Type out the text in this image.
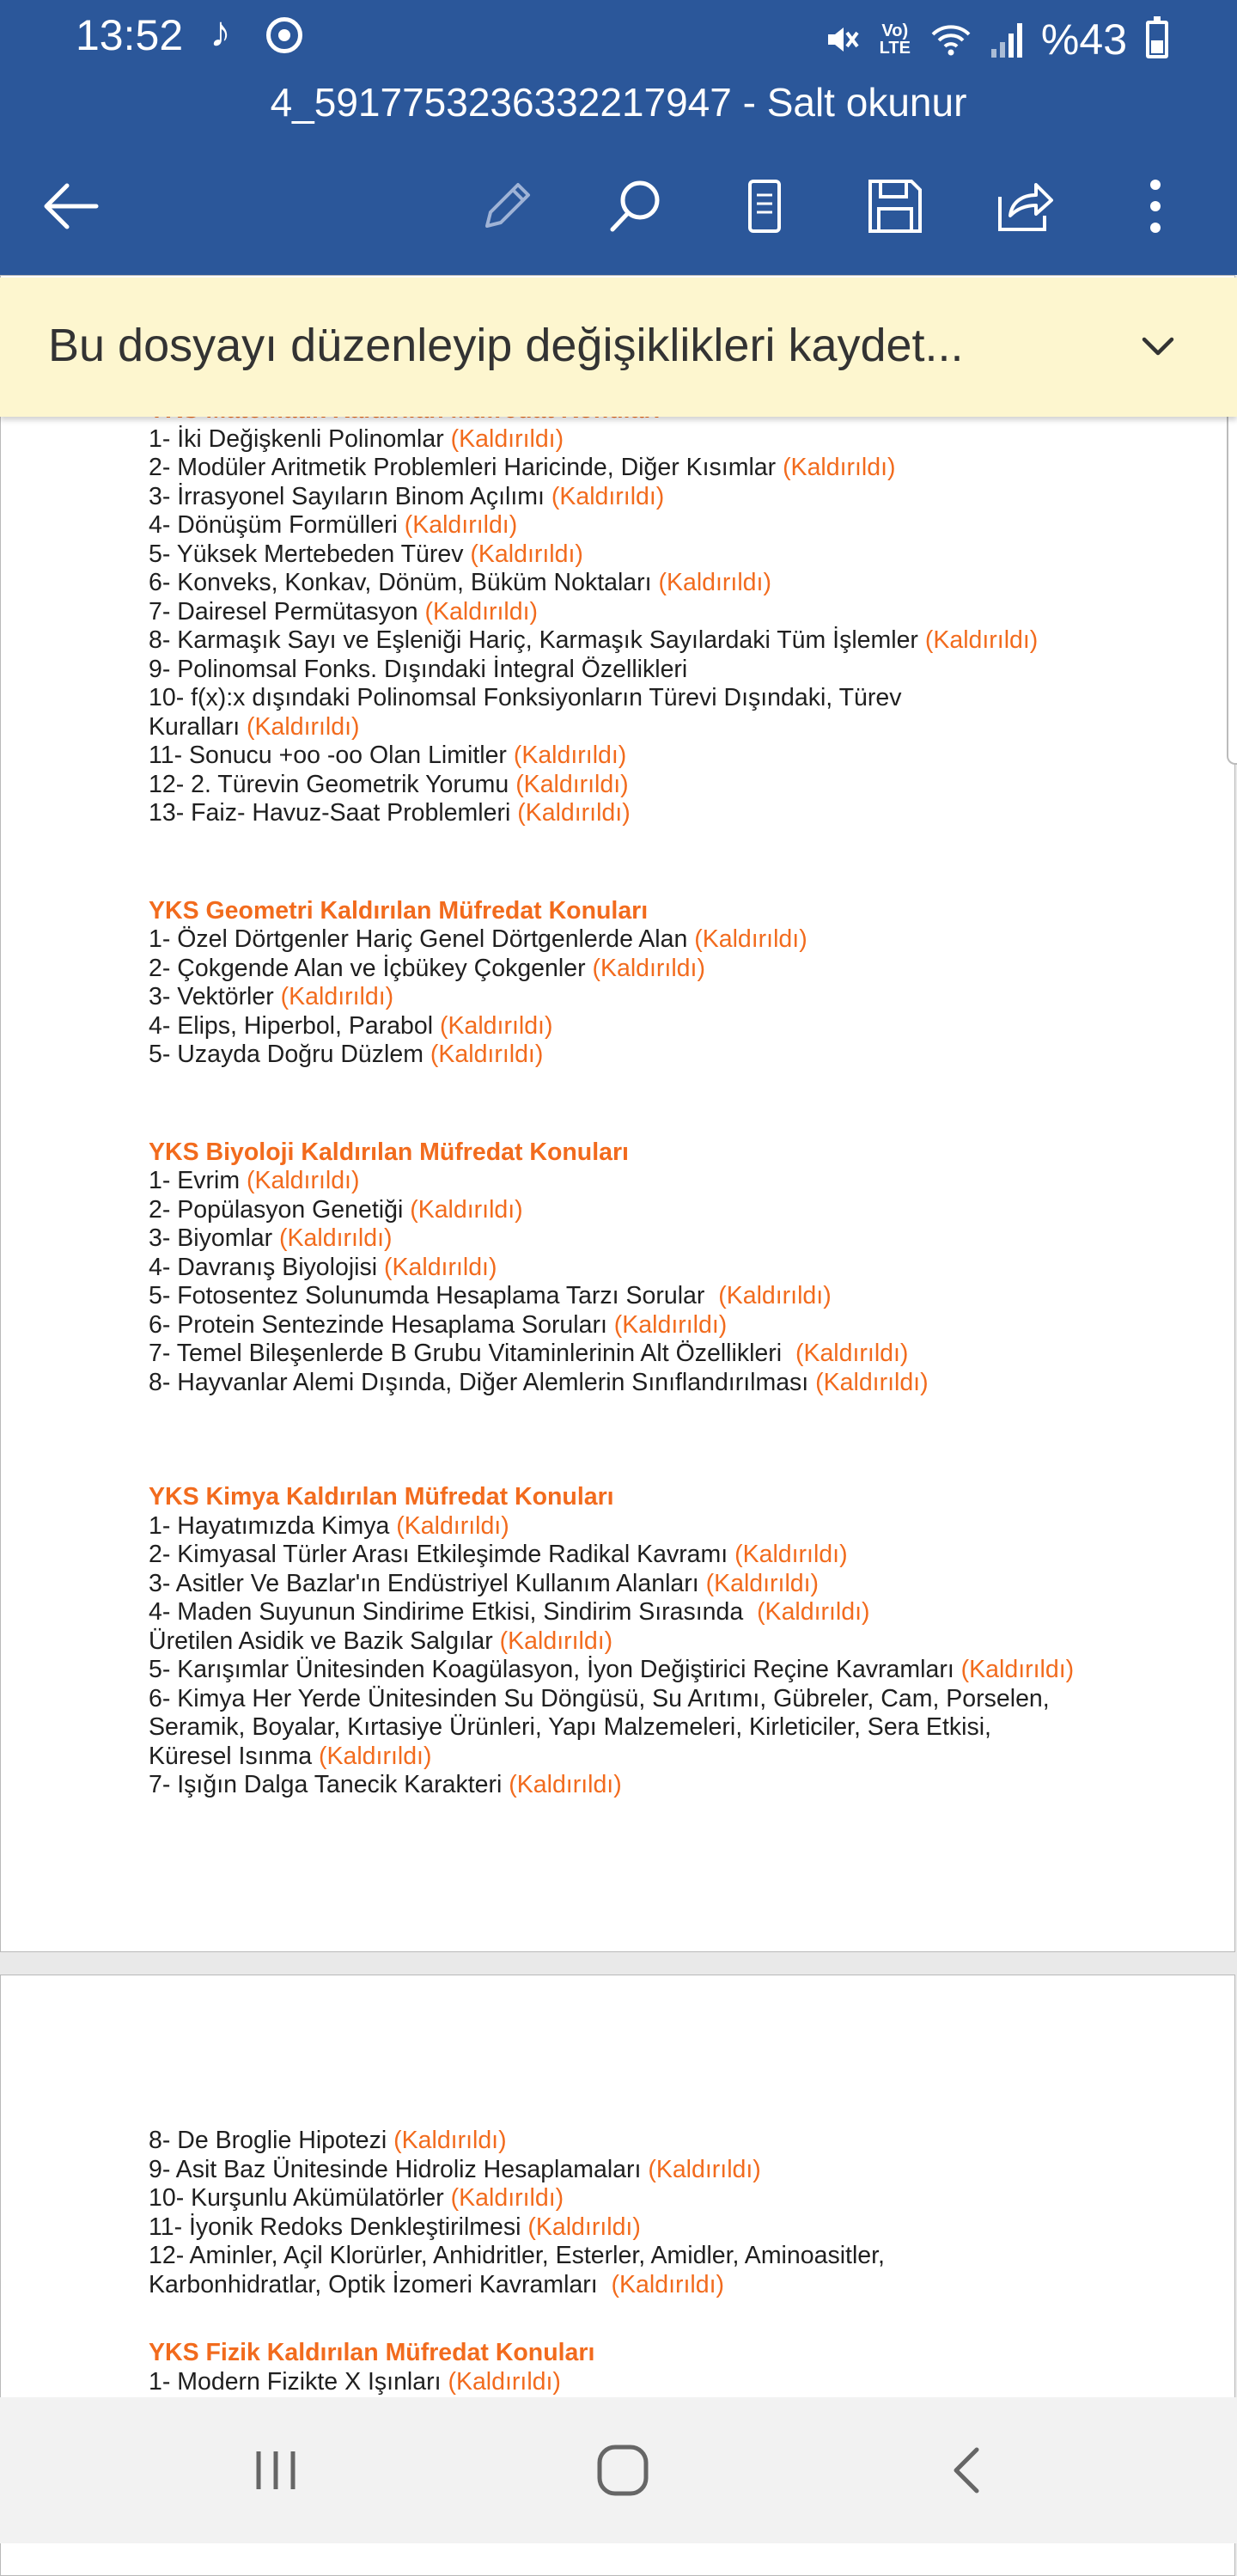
13:52 ♪	Vo)
LTE	%43
4_5917753236332217947 - Salt okunur
1- İki Değişkenli Polinomlar (Kaldırıldı)
2- Modüler Aritmetik Problemleri Haricinde, Diğer Kısımlar (Kaldırıldı)
3- İrrasyonel Sayıların Binom Açılımı (Kaldırıldı)
4- Dönüşüm Formülleri (Kaldırıldı)
5- Yüksek Mertebeden Türev (Kaldırıldı)
6- Konveks, Konkav, Dönüm, Büküm Noktaları (Kaldırıldı)
7- Dairesel Permütasyon (Kaldırıldı)
8- Karmaşık Sayı ve Eşleniği Hariç, Karmaşık Sayılardaki Tüm İşlemler (Kaldırıldı)
9- Polinomsal Fonks. Dışındaki İntegral Özellikleri
10- f(x):x dışındaki Polinomsal Fonksiyonların Türevi Dışındaki, Türev Kuralları (Kaldırıldı)
11- Sonucu +oo -oo Olan Limitler (Kaldırıldı)
12- 2. Türevin Geometrik Yorumu (Kaldırıldı)
13- Faiz- Havuz-Saat Problemleri (Kaldırıldı)
YKS Geometri Kaldırılan Müfredat Konuları
1- Özel Dörtgenler Hariç Genel Dörtgenlerde Alan (Kaldırıldı)
2- Çokgende Alan ve İçbükey Çokgenler (Kaldırıldı)
3- Vektörler (Kaldırıldı)
4- Elips, Hiperbol, Parabol (Kaldırıldı)
5- Uzayda Doğru Düzlem (Kaldırıldı)
YKS Biyoloji Kaldırılan Müfredat Konuları
1- Evrim (Kaldırıldı)
2- Popülasyon Genetiği (Kaldırıldı)
3- Biyomlar (Kaldırıldı)
4- Davranış Biyolojisi (Kaldırıldı)
5- Fotosentez Solunumda Hesaplama Tarzı Sorular  (Kaldırıldı)
6- Protein Sentezinde Hesaplama Soruları (Kaldırıldı)
7- Temel Bileşenlerde B Grubu Vitaminlerinin Alt Özellikleri  (Kaldırıldı)
8- Hayvanlar Alemi Dışında, Diğer Alemlerin Sınıflandırılması (Kaldırıldı)
YKS Kimya Kaldırılan Müfredat Konuları
1- Hayatımızda Kimya (Kaldırıldı)
2- Kimyasal Türler Arası Etkileşimde Radikal Kavramı (Kaldırıldı)
3- Asitler Ve Bazlar'ın Endüstriyel Kullanım Alanları (Kaldırıldı)
4- Maden Suyunun Sindirime Etkisi, Sindirim Sırasında  (Kaldırıldı)
Üretilen Asidik ve Bazik Salgılar (Kaldırıldı)
5- Karışımlar Ünitesinden Koagülasyon, İyon Değiştirici Reçine Kavramları (Kaldırıldı)
6- Kimya Her Yerde Ünitesinden Su Döngüsü, Su Arıtımı, Gübreler, Cam, Porselen, Seramik, Boyalar, Kırtasiye Ürünleri, Yapı Malzemeleri, Kirleticiler, Sera Etkisi, Küresel Isınma (Kaldırıldı)
7- Işığın Dalga Tanecik Karakteri (Kaldırıldı)
8- De Broglie Hipotezi (Kaldırıldı)
9- Asit Baz Ünitesinde Hidroliz Hesaplamaları (Kaldırıldı)
10- Kurşunlu Akümülatörler (Kaldırıldı)
11- İyonik Redoks Denkleştirilmesi (Kaldırıldı)
12- Aminler, Açil Klorürler, Anhidritler, Esterler, Amidler, Aminoasitler, Karbonhidratlar, Optik İzomeri Kavramları  (Kaldırıldı)
YKS Fizik Kaldırılan Müfredat Konuları
1- Modern Fizikte X Işınları (Kaldırıldı)
Bu dosyayı düzenleyip değişiklikleri kaydet...
